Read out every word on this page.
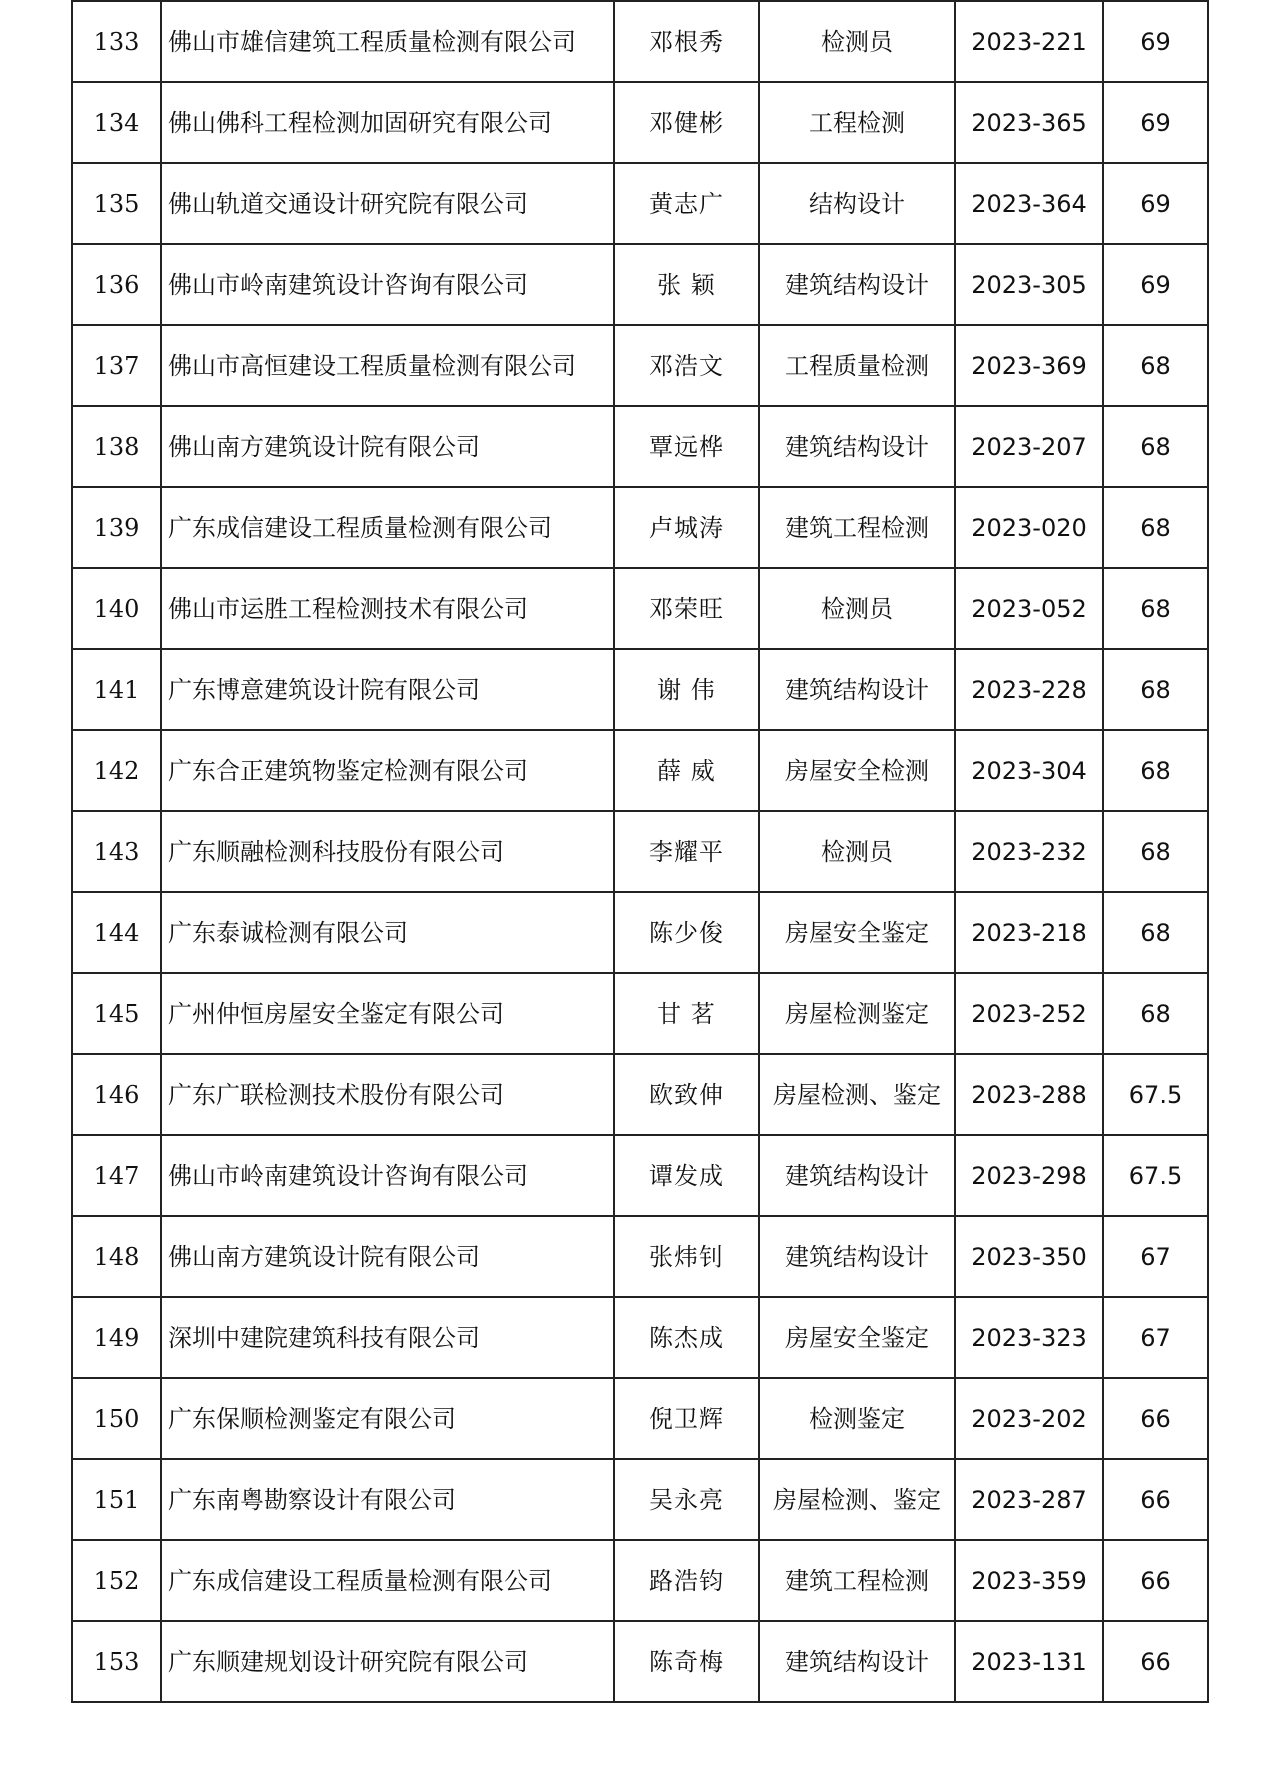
133	佛山市雄信建筑工程质量检测有限公司	邓根秀	检测员	2023-221	69
134	佛山佛科工程检测加固研究有限公司	邓健彬	工程检测	2023-365	69
135	佛山轨道交通设计研究院有限公司	黄志广	结构设计	2023-364	69
136	佛山市岭南建筑设计咨询有限公司	张 颖	建筑结构设计	2023-305	69
137	佛山市高恒建设工程质量检测有限公司	邓浩文	工程质量检测	2023-369	68
138	佛山南方建筑设计院有限公司	覃远桦	建筑结构设计	2023-207	68
139	广东成信建设工程质量检测有限公司	卢城涛	建筑工程检测	2023-020	68
140	佛山市运胜工程检测技术有限公司	邓荣旺	检测员	2023-052	68
141	广东博意建筑设计院有限公司	谢 伟	建筑结构设计	2023-228	68
142	广东合正建筑物鉴定检测有限公司	薛 威	房屋安全检测	2023-304	68
143	广东顺融检测科技股份有限公司	李耀平	检测员	2023-232	68
144	广东泰诚检测有限公司	陈少俊	房屋安全鉴定	2023-218	68
145	广州仲恒房屋安全鉴定有限公司	甘 茗	房屋检测鉴定	2023-252	68
146	广东广联检测技术股份有限公司	欧致伸	房屋检测、鉴定	2023-288	67.5
147	佛山市岭南建筑设计咨询有限公司	谭发成	建筑结构设计	2023-298	67.5
148	佛山南方建筑设计院有限公司	张炜钊	建筑结构设计	2023-350	67
149	深圳中建院建筑科技有限公司	陈杰成	房屋安全鉴定	2023-323	67
150	广东保顺检测鉴定有限公司	倪卫辉	检测鉴定	2023-202	66
151	广东南粤勘察设计有限公司	吴永亮	房屋检测、鉴定	2023-287	66
152	广东成信建设工程质量检测有限公司	路浩钧	建筑工程检测	2023-359	66
153	广东顺建规划设计研究院有限公司	陈奇梅	建筑结构设计	2023-131	66
